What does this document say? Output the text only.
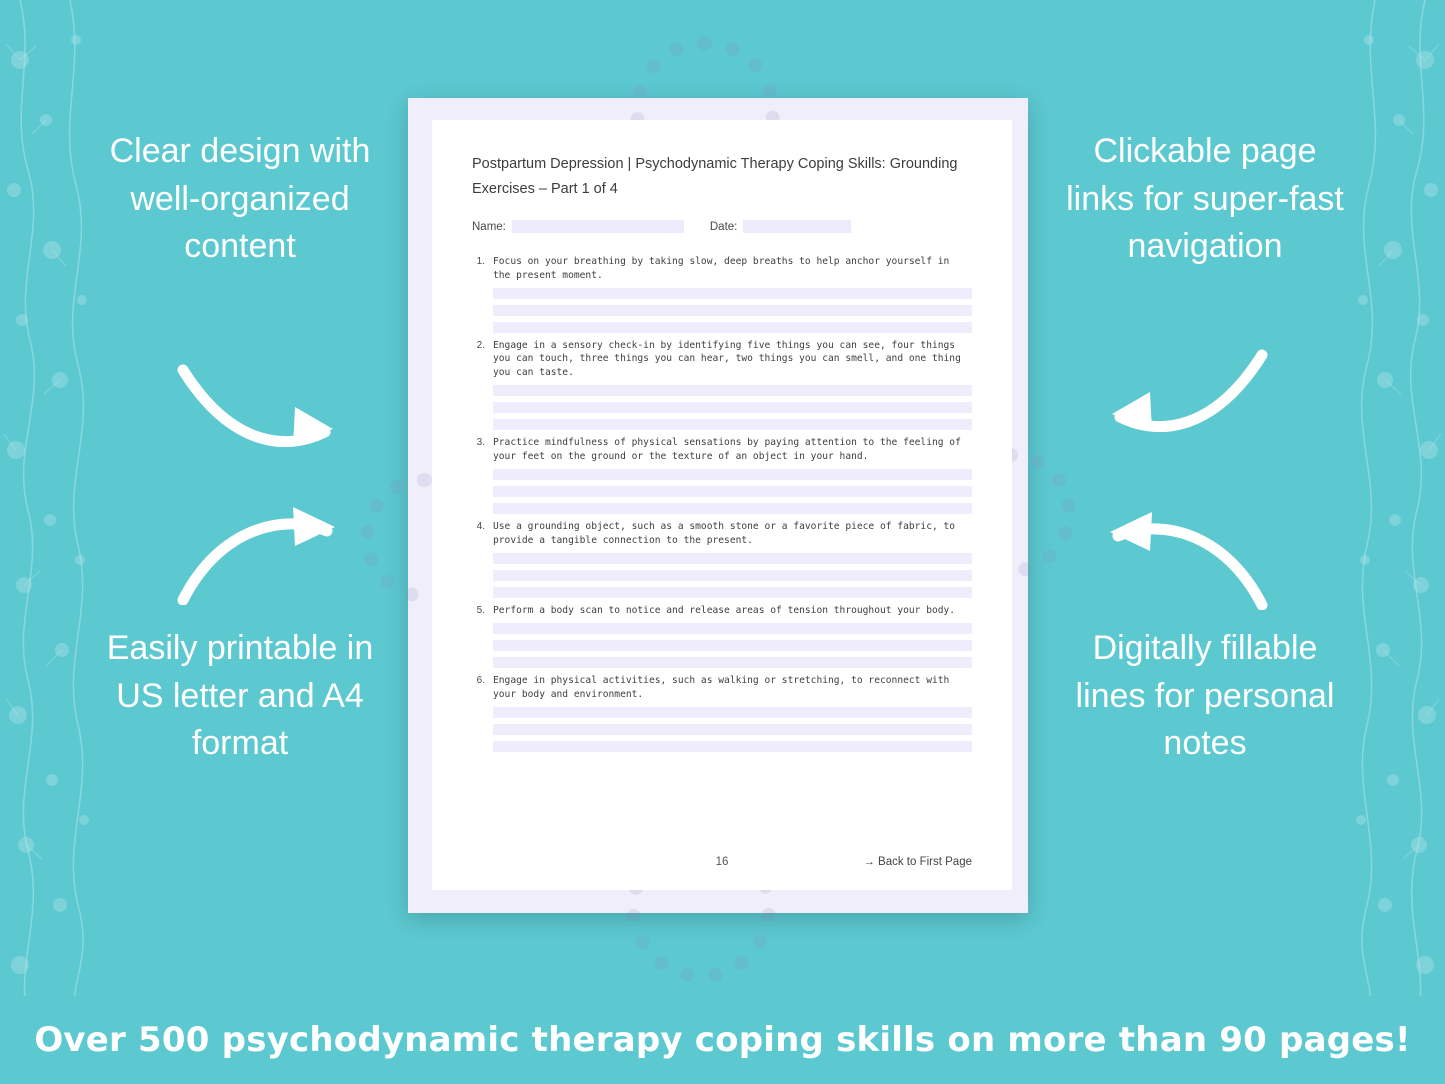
Clear design with well-organized content
Easily printable in US letter and A4 format
Clickable page links for super-fast navigation
Digitally fillable lines for personal notes
Postpartum Depression | Psychodynamic Therapy Coping Skills: Grounding Exercises – Part 1 of 4
Name:	Date:
1. Focus on your breathing by taking slow, deep breaths to help anchor yourself in the present moment.
2. Engage in a sensory check-in by identifying five things you can see, four things you can touch, three things you can hear, two things you can smell, and one thing you can taste.
3. Practice mindfulness of physical sensations by paying attention to the feeling of your feet on the ground or the texture of an object in your hand.
4. Use a grounding object, such as a smooth stone or a favorite piece of fabric, to provide a tangible connection to the present.
5. Perform a body scan to notice and release areas of tension throughout your body.
6. Engage in physical activities, such as walking or stretching, to reconnect with your body and environment.
16	→ Back to First Page
Over 500 psychodynamic therapy coping skills on more than 90 pages!
